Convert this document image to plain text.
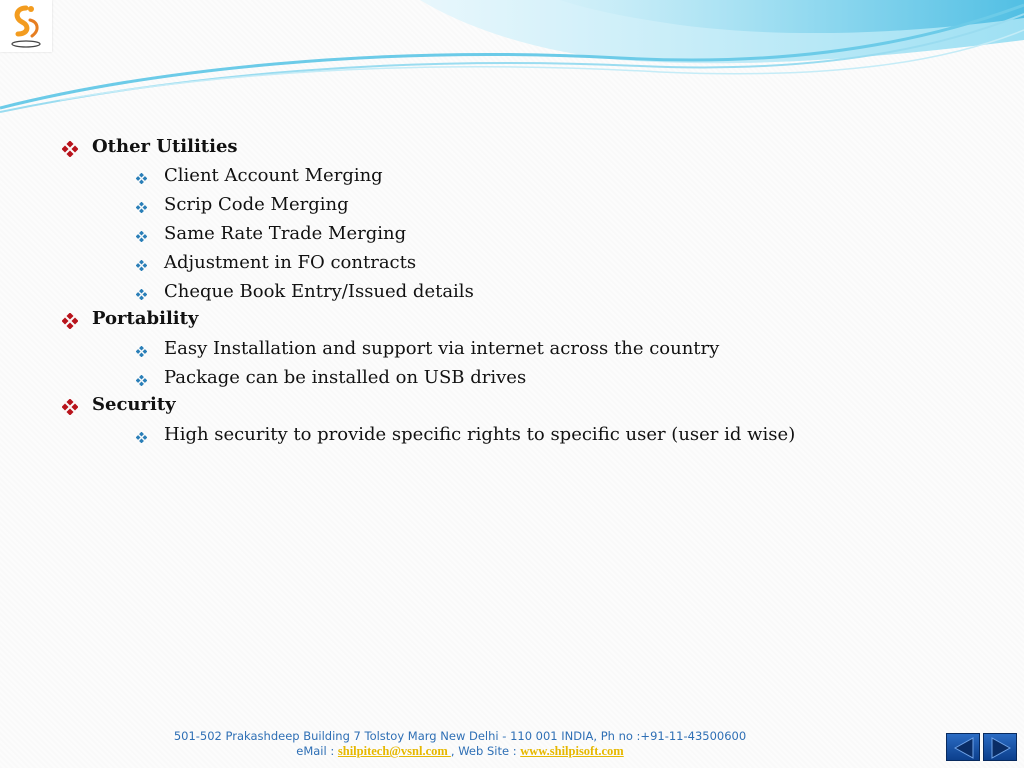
Other Utilities
Client Account Merging
Scrip Code Merging
Same Rate Trade Merging
Adjustment in FO contracts
Cheque Book Entry/Issued details
Portability
Easy Installation and support via internet across the country
Package can be installed on USB drives
Security
High security to provide specific rights to specific user (user id wise)
501-502 Prakashdeep Building 7 Tolstoy Marg New Delhi - 110 001 INDIA, Ph no :+91-11-43500600
eMail : shilpitech@vsnl.com , Web Site : www.shilpisoft.com
